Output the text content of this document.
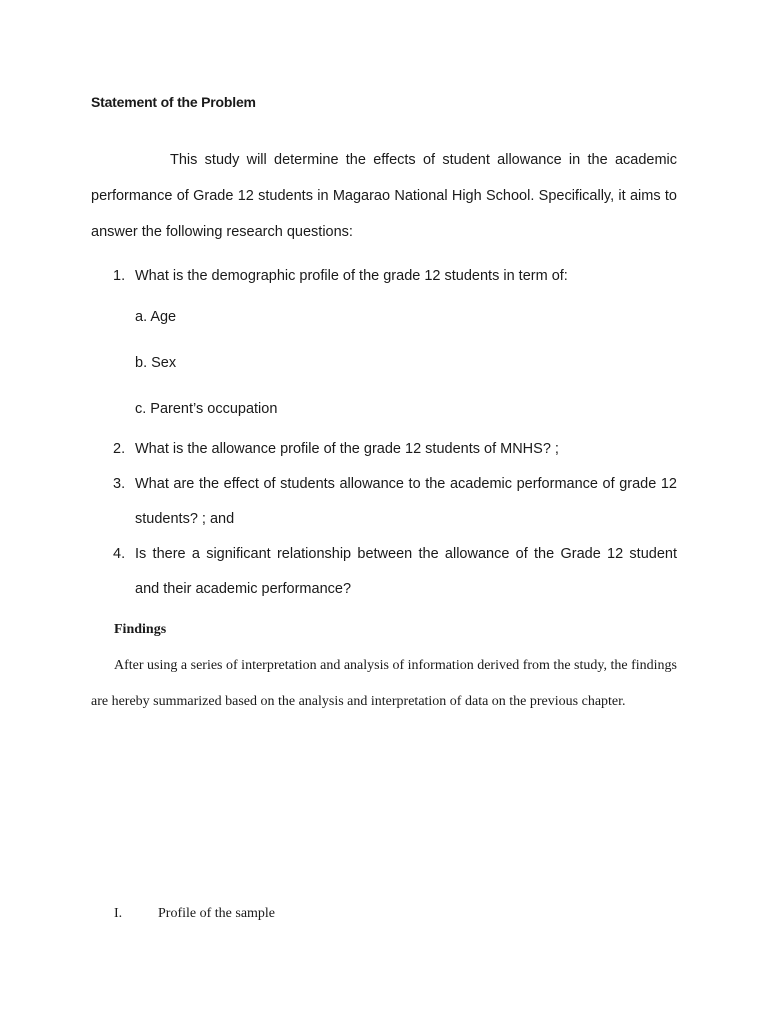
Statement of the Problem

This study will determine the effects of student allowance in the academic performance of Grade 12 students in Magarao National High School. Specifically, it aims to answer the following research questions:

1. What is the demographic profile of the grade 12 students in term of:
a. Age
b. Sex
c. Parent’s occupation
2. What is the allowance profile of the grade 12 students of MNHS? ;
3. What are the effect of students allowance to the academic performance of grade 12 students? ; and
4. Is there a significant relationship between the allowance of the Grade 12 student and their academic performance?
Findings

After using a series of interpretation and analysis of information derived from the study, the findings are hereby summarized based on the analysis and interpretation of data on the previous chapter.

I.	Profile of the sample
